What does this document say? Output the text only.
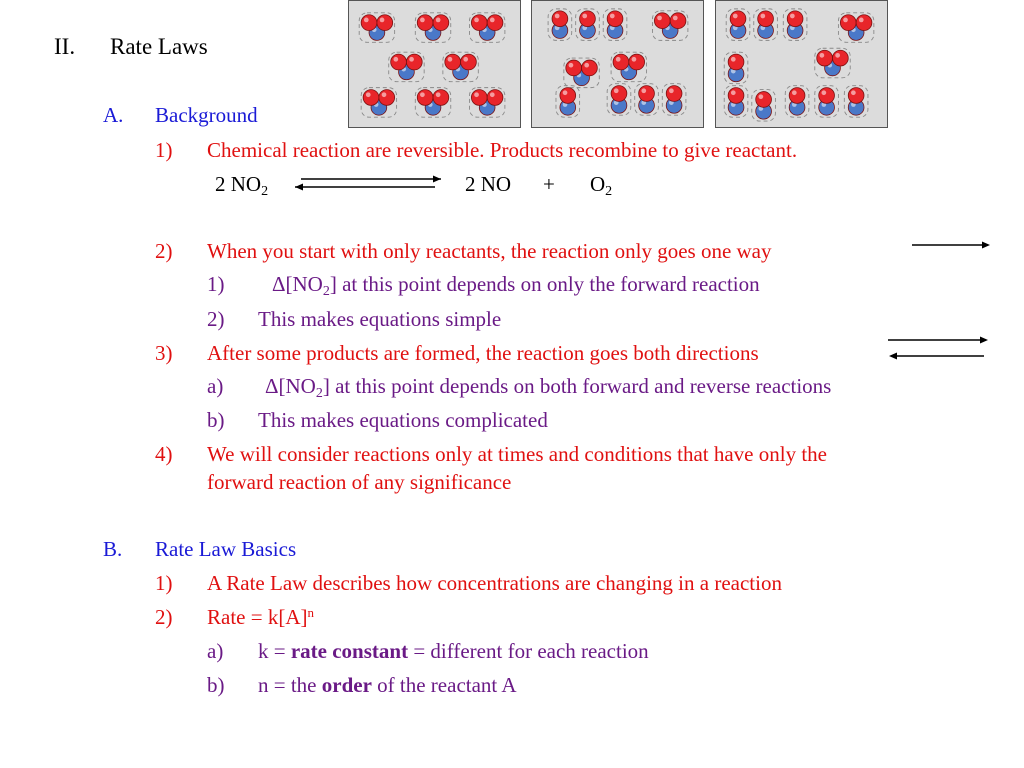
II. Rate Laws
A. Background
1) Chemical reaction are reversible. Products recombine to give reactant.
2 $NO_2$	2 NO + $O_2$
2) When you start with only reactants, the reaction only goes one way
1) $\Delta[NO_2]$ at this point depends on only the forward reaction
2) This makes equations simple
3) After some products are formed, the reaction goes both directions
a) $\Delta[NO_2]$ at this point depends on both forward and reverse reactions
b) This makes equations complicated
4) We will consider reactions only at times and conditions that have only the
forward reaction of any significance
B. Rate Law Basics
1) A Rate Law describes how concentrations are changing in a reaction
2) Rate = $k[A]^n$
a) k = rate constant = different for each reaction
b) n = the order of the reactant A
